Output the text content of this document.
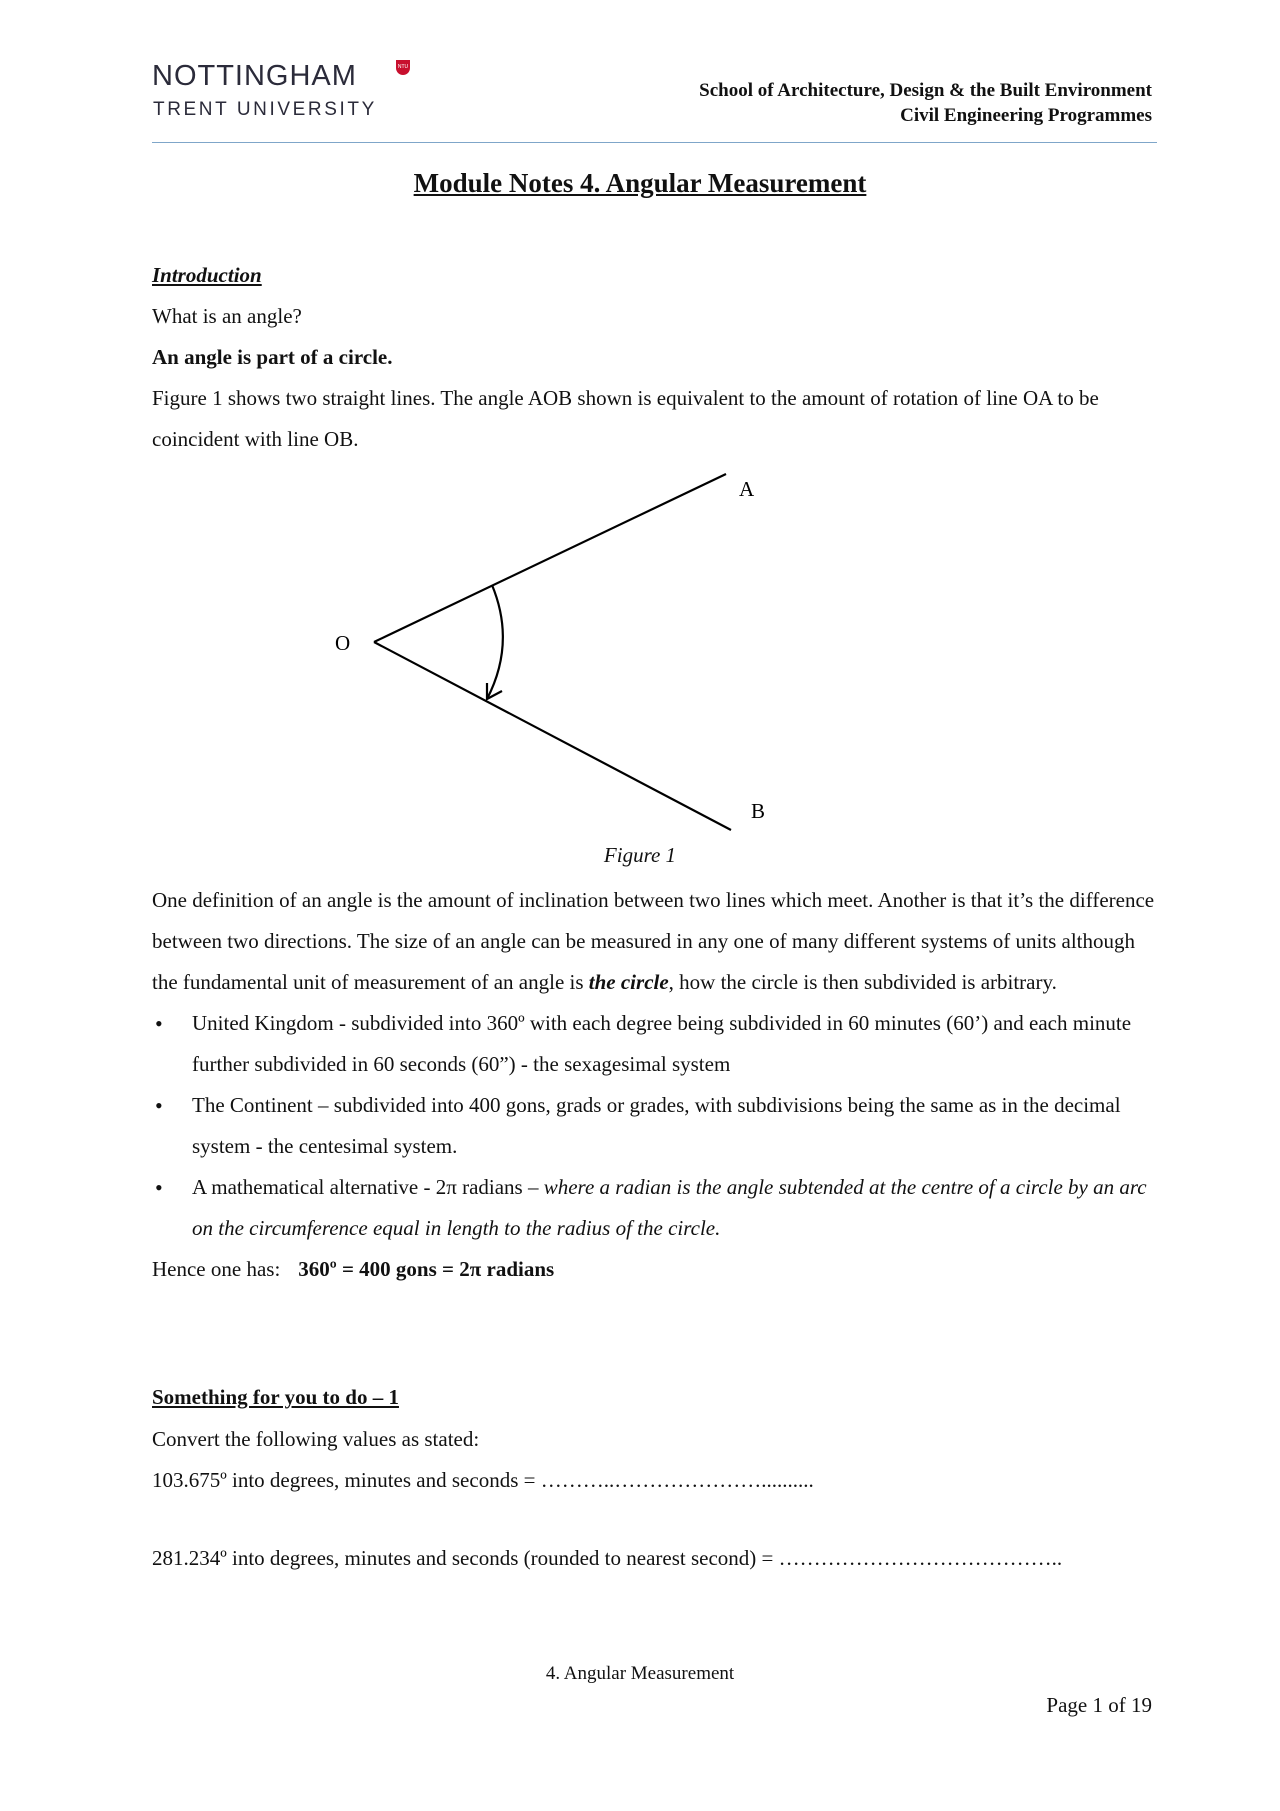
NOTTINGHAM	NTU
TRENT UNIVERSITY
School of Architecture, Design & the Built Environment
Civil Engineering Programmes
Module Notes 4. Angular Measurement
Introduction
What is an angle?
An angle is part of a circle.
Figure 1 shows two straight lines. The angle AOB shown is equivalent to the amount of rotation of line OA to be coincident with line OB.
A
O
B
Figure 1
One definition of an angle is the amount of inclination between two lines which meet. Another is that it’s the difference between two directions. The size of an angle can be measured in any one of many different systems of units although the fundamental unit of measurement of an angle is the circle, how the circle is then subdivided is arbitrary.
• United Kingdom - subdivided into 360º with each degree being subdivided in 60 minutes (60’) and each minute further subdivided in 60 seconds (60”) - the sexagesimal system
• The Continent – subdivided into 400 gons, grads or grades, with subdivisions being the same as in the decimal system - the centesimal system.
• A mathematical alternative - 2π radians – where a radian is the angle subtended at the centre of a circle by an arc on the circumference equal in length to the radius of the circle.
Hence one has: 360º = 400 gons = 2π radians
Something for you to do – 1
Convert the following values as stated:
103.675º into degrees, minutes and seconds = ………..…………………..........
281.234º into degrees, minutes and seconds (rounded to nearest second) = …………………………………..
4. Angular Measurement
Page 1 of 19
